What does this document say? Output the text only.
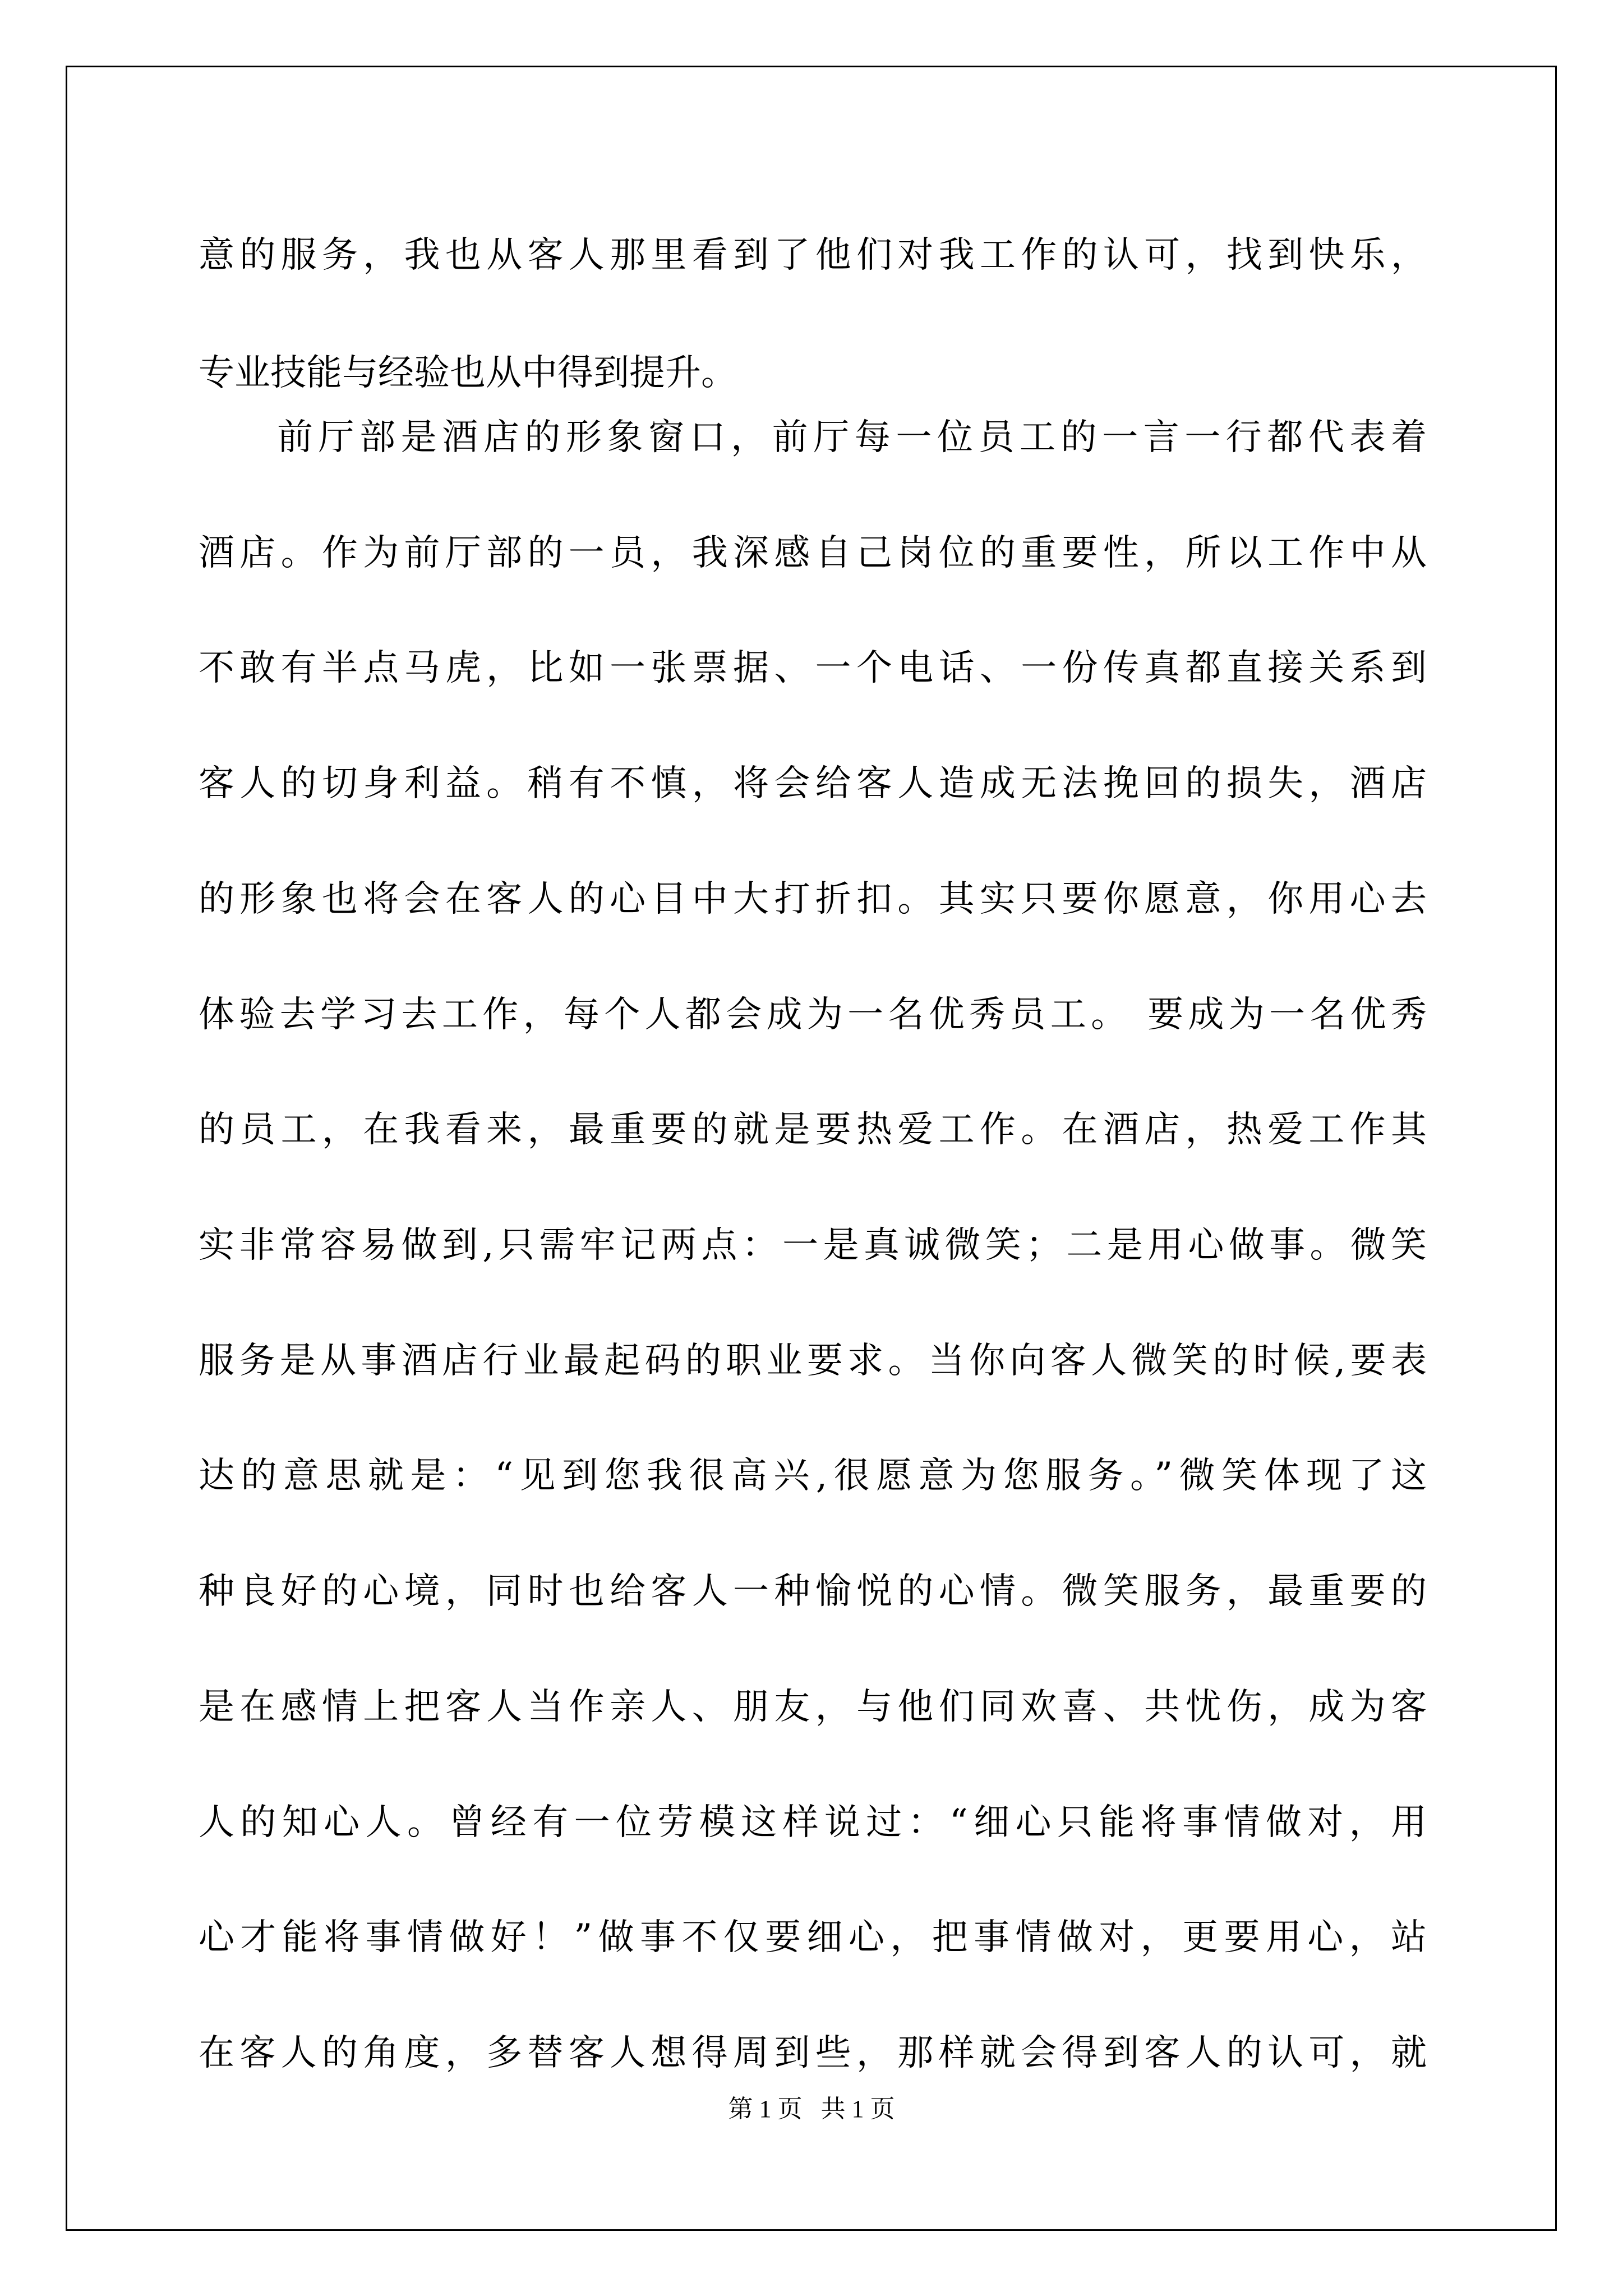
意的服务，我也从客人那里看到了他们对我工作的认可，找到快乐，
专业技能与经验也从中得到提升。
前厅部是酒店的形象窗口，前厅每一位员工的一言一行都代表着
酒店。作为前厅部的一员，我深感自己岗位的重要性，所以工作中从
不敢有半点马虎，比如一张票据、一个电话、一份传真都直接关系到
客人的切身利益。稍有不慎，将会给客人造成无法挽回的损失，酒店
的形象也将会在客人的心目中大打折扣。其实只要你愿意，你用心去
体验去学习去工作，每个人都会成为一名优秀员工。 要成为一名优秀
的员工，在我看来，最重要的就是要热爱工作。在酒店，热爱工作其
实非常容易做到,只需牢记两点：一是真诚微笑；二是用心做事。微笑
服务是从事酒店行业最起码的职业要求。当你向客人微笑的时候,要表
达的意思就是：“见到您我很高兴,很愿意为您服务。”微笑体现了这
种良好的心境，同时也给客人一种愉悦的心情。微笑服务，最重要的
是在感情上把客人当作亲人、朋友，与他们同欢喜、共忧伤，成为客
人的知心人。曾经有一位劳模这样说过：“细心只能将事情做对，用
心才能将事情做好！”做事不仅要细心，把事情做对，更要用心，站
在客人的角度，多替客人想得周到些，那样就会得到客人的认可，就
第 1 页   共 1 页
